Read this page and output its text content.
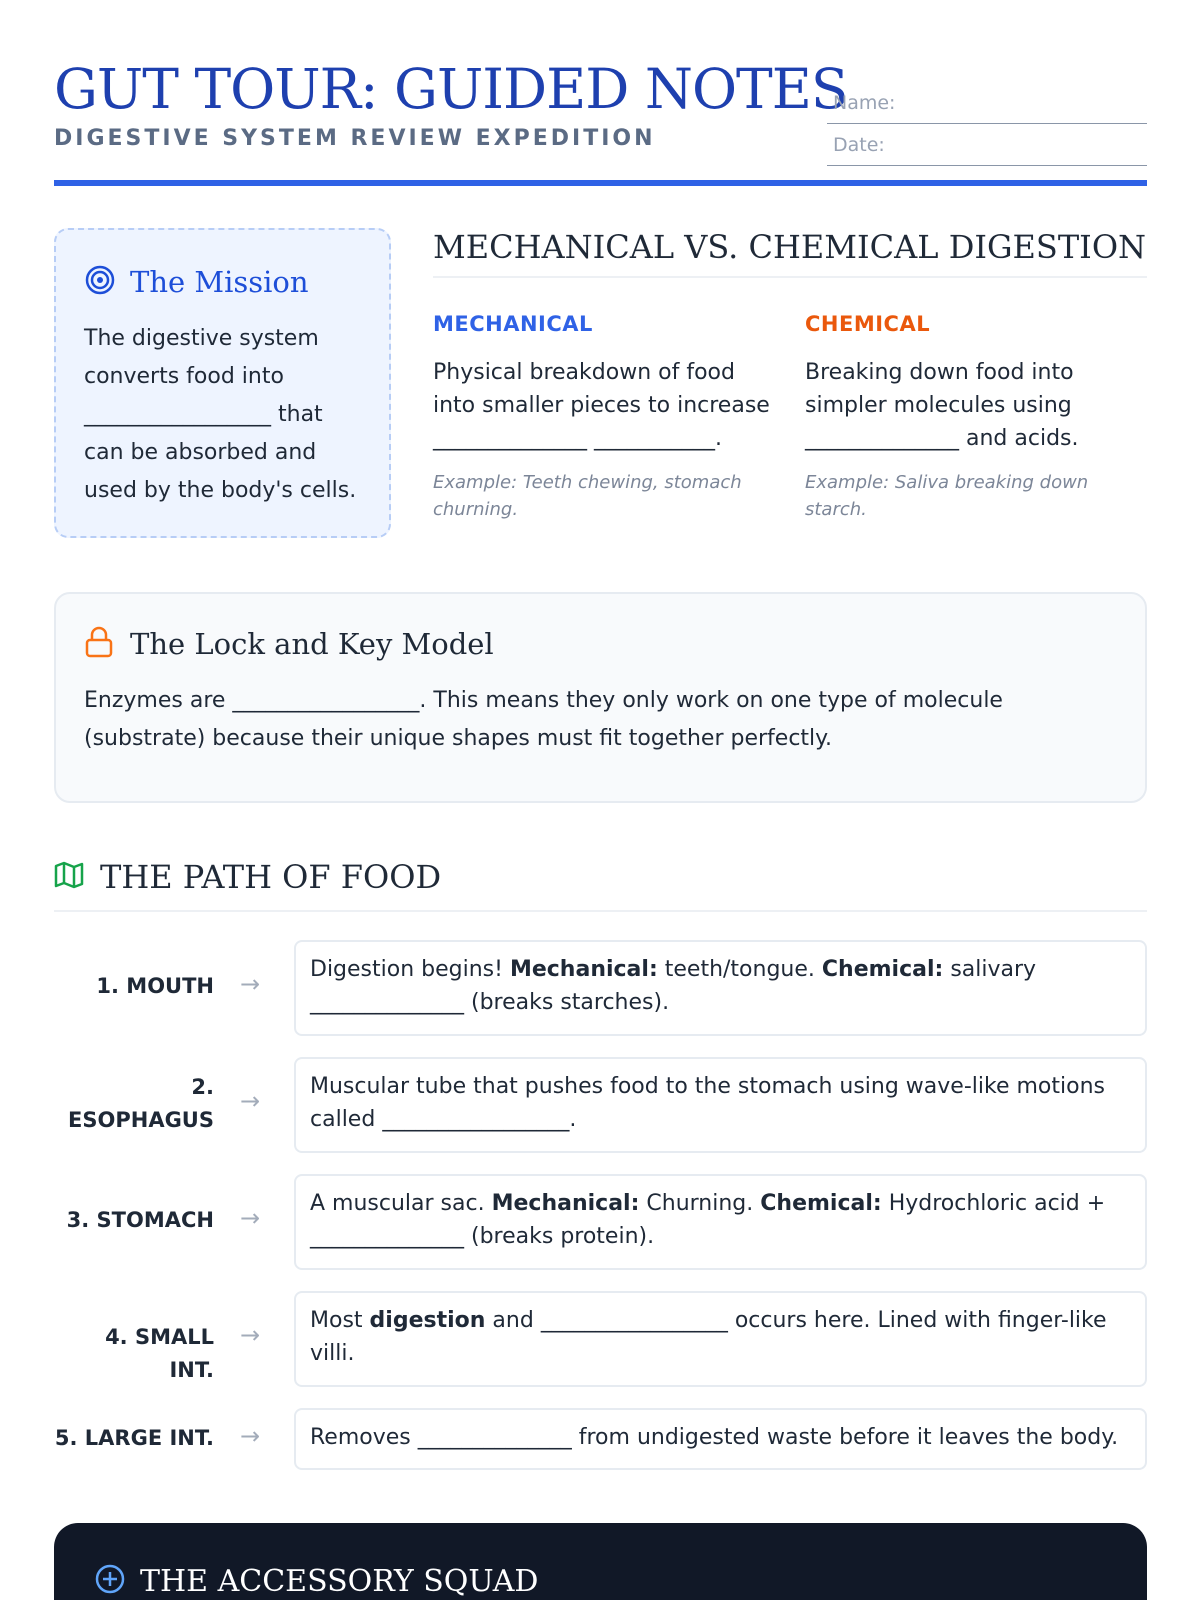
GUT TOUR: GUIDED NOTES
DIGESTIVE SYSTEM REVIEW EXPEDITION
Name:
Date:
The Mission
The digestive system converts food into _________________ that can be absorbed and used by the body's cells.
MECHANICAL VS. CHEMICAL DIGESTION
MECHANICAL
Physical breakdown of food into smaller pieces to increase ______________ ___________.
Example: Teeth chewing, stomach churning.
CHEMICAL
Breaking down food into simpler molecules using ______________ and acids.
Example: Saliva breaking down starch.
The Lock and Key Model
Enzymes are _________________. This means they only work on one type of molecule (substrate) because their unique shapes must fit together perfectly.
THE PATH OF FOOD
1. MOUTH →
Digestion begins! Mechanical: teeth/tongue. Chemical: salivary ______________ (breaks starches).
2. ESOPHAGUS
→
Muscular tube that pushes food to the stomach using wave-like motions called _________________.
3. STOMACH →
A muscular sac. Mechanical: Churning. Chemical: Hydrochloric acid + ______________ (breaks protein).
4. SMALL INT.
→
Most digestion and _________________ occurs here. Lined with finger-like villi.
5. LARGE INT. →	Removes ______________ from undigested waste before it leaves the body.
THE ACCESSORY SQUAD
